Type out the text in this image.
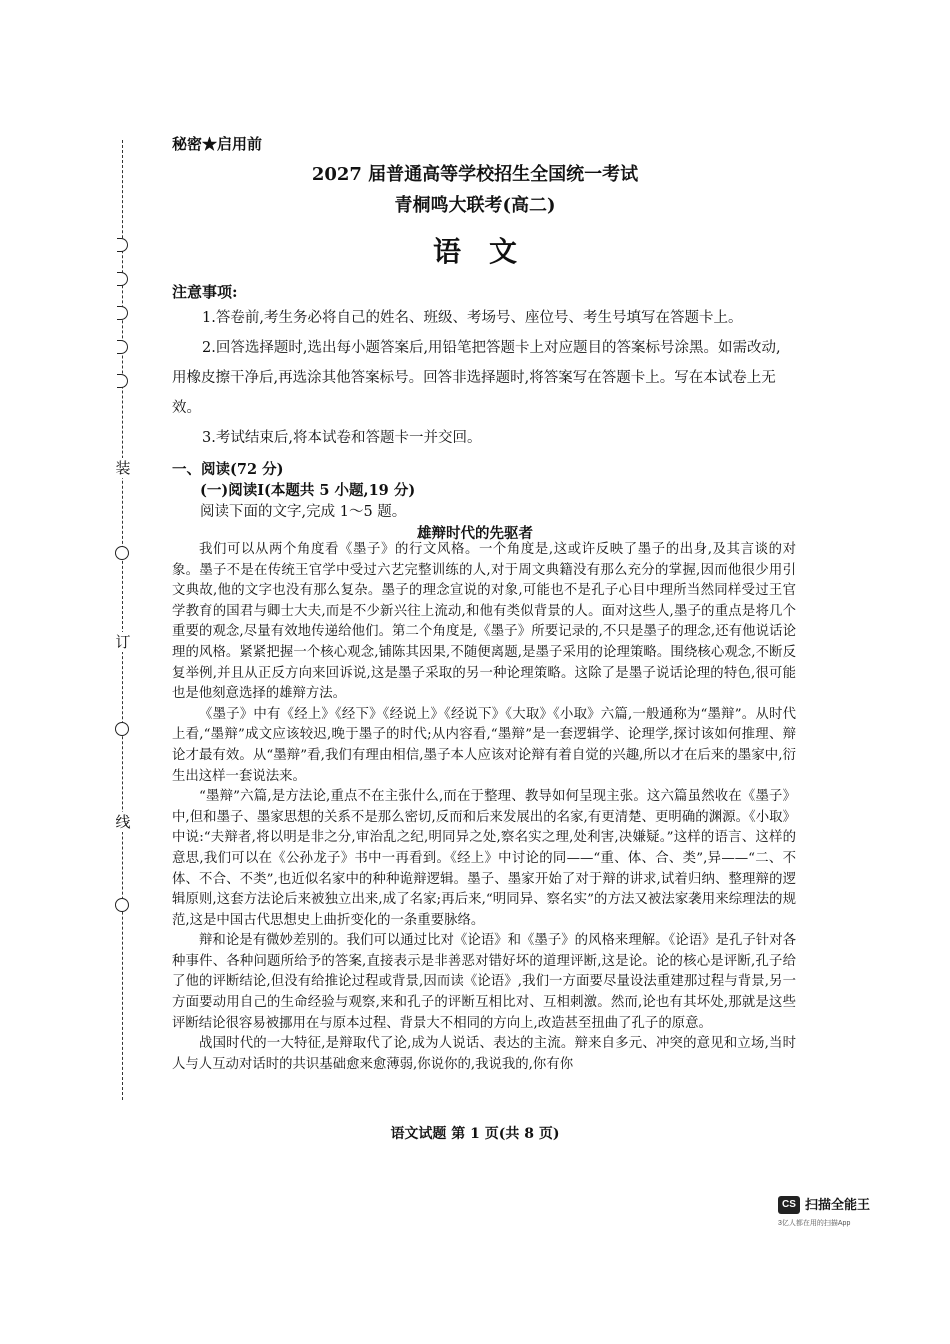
装
订
线
秘密★启用前
2027 届普通高等学校招生全国统一考试
青桐鸣大联考(高二)
语文
注意事项:

1.答卷前,考生务必将自己的姓名、班级、考场号、座位号、考生号填写在答题卡上。

2.回答选择题时,选出每小题答案后,用铅笔把答题卡上对应题目的答案标号涂黑。如需改动,用橡皮擦干净后,再选涂其他答案标号。回答非选择题时,将答案写在答题卡上。写在本试卷上无效。

3.考试结束后,将本试卷和答题卡一并交回。

一、阅读(72 分)
(一)阅读Ⅰ(本题共 5 小题,19 分)
阅读下面的文字,完成 1～5 题。
雄辩时代的先驱者

我们可以从两个角度看《墨子》的行文风格。一个角度是,这或许反映了墨子的出身,及其言谈的对象。墨子不是在传统王官学中受过六艺完整训练的人,对于周文典籍没有那么充分的掌握,因而他很少用引文典故,他的文字也没有那么复杂。墨子的理念宣说的对象,可能也不是孔子心目中理所当然同样受过王官学教育的国君与卿士大夫,而是不少新兴往上流动,和他有类似背景的人。面对这些人,墨子的重点是将几个重要的观念,尽量有效地传递给他们。第二个角度是,《墨子》所要记录的,不只是墨子的理念,还有他说话论理的风格。紧紧把握一个核心观念,铺陈其因果,不随便离题,是墨子采用的论理策略。围绕核心观念,不断反复举例,并且从正反方向来回诉说,这是墨子采取的另一种论理策略。这除了是墨子说话论理的特色,很可能也是他刻意选择的雄辩方法。

《墨子》中有《经上》《经下》《经说上》《经说下》《大取》《小取》六篇,一般通称为“墨辩”。从时代上看,“墨辩”成文应该较迟,晚于墨子的时代;从内容看,“墨辩”是一套逻辑学、论理学,探讨该如何推理、辩论才最有效。从“墨辩”看,我们有理由相信,墨子本人应该对论辩有着自觉的兴趣,所以才在后来的墨家中,衍生出这样一套说法来。

“墨辩”六篇,是方法论,重点不在主张什么,而在于整理、教导如何呈现主张。这六篇虽然收在《墨子》中,但和墨子、墨家思想的关系不是那么密切,反而和后来发展出的名家,有更清楚、更明确的渊源。《小取》中说:“夫辩者,将以明是非之分,审治乱之纪,明同异之处,察名实之理,处利害,决嫌疑。”这样的语言、这样的意思,我们可以在《公孙龙子》书中一再看到。《经上》中讨论的同——“重、体、合、类”,异——“二、不体、不合、不类”,也近似名家中的种种诡辩逻辑。墨子、墨家开始了对于辩的讲求,试着归纳、整理辩的逻辑原则,这套方法论后来被独立出来,成了名家;再后来,“明同异、察名实”的方法又被法家袭用来综理法的规范,这是中国古代思想史上曲折变化的一条重要脉络。

辩和论是有微妙差别的。我们可以通过比对《论语》和《墨子》的风格来理解。《论语》是孔子针对各种事件、各种问题所给予的答案,直接表示是非善恶对错好坏的道理评断,这是论。论的核心是评断,孔子给了他的评断结论,但没有给推论过程或背景,因而读《论语》,我们一方面要尽量设法重建那过程与背景,另一方面要动用自己的生命经验与观察,来和孔子的评断互相比对、互相刺激。然而,论也有其坏处,那就是这些评断结论很容易被挪用在与原本过程、背景大不相同的方向上,改造甚至扭曲了孔子的原意。

战国时代的一大特征,是辩取代了论,成为人说话、表达的主流。辩来自多元、冲突的意见和立场,当时人与人互动对话时的共识基础愈来愈薄弱,你说你的,我说我的,你有你

语文试题 第 1 页(共 8 页)
CS 扫描全能王
3亿人都在用的扫描App
